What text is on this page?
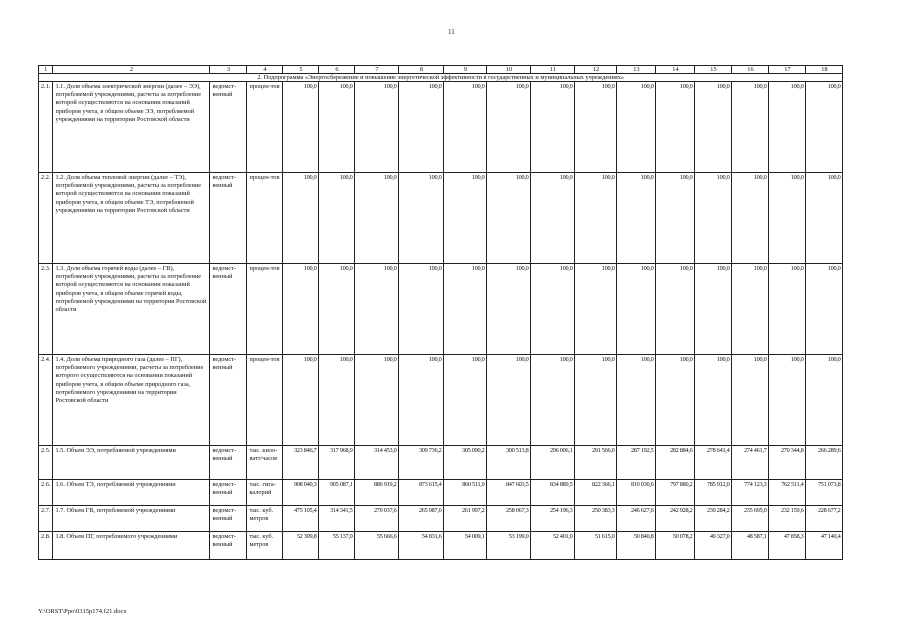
11
1	2	3	4	5	6	7	8	9	10	11	12	13	14	15	16	17	18
2. Подпрограмма «Энергосбережение и повышение энергетической эффективности в государственных и муниципальных учреждениях»																	
2.1.	1.1. Доля объема электрической энергии (далее – ЭЭ), потребляемой учреждениями, расчеты за потребление которой осуществляются на основании показаний приборов учета, в общем объеме ЭЭ, потребляемой учреждениями на территории Ростовской области	ведомст-венный	процен-тов	100,0	100,0	100,0	100,0	100,0	100,0	100,0	100,0	100,0	100,0	100,0	100,0	100,0	100,0
2.2.	1.2. Доля объема тепловой энергии (далее – ТЭ), потребляемой учреждениями, расчеты за потребление которой осуществляются на основании показаний приборов учета, в общем объеме ТЭ, потребляемой учреждениями на территории Ростовской области	ведомст-венный	процен-тов	100,0	100,0	100,0	100,0	100,0	100,0	100,0	100,0	100,0	100,0	100,0	100,0	100,0	100,0
2.3.	1.3. Доля объема горячей воды (далее – ГВ), потребляемой учреждениями, расчеты за потребление которой осуществляются на основании показаний приборов учета, в общем объеме горячей воды, потребляемой учреждениями на территории Ростовской области	ведомст-венный	процен-тов	100,0	100,0	100,0	100,0	100,0	100,0	100,0	100,0	100,0	100,0	100,0	100,0	100,0	100,0
2.4.	1.4. Доля объема природного газа (далее – ПГ), потребляемого учреждениями, расчеты за потребление которого осуществляются на основании показаний приборов учета, в общем объеме природного газа, потребляемого учреждениями на территории Ростовской области	ведомст-венный	процен-тов	100,0	100,0	100,0	100,0	100,0	100,0	100,0	100,0	100,0	100,0	100,0	100,0	100,0	100,0
2.5.	1.5. Объем ЭЭ, потребляемой учреждениями	ведомст-венный	тыс. кило-ватт/часов	323 846,7	317 968,9	314 453,0	309 736,2	305 090,2	300 513,8	296 006,1	291 566,0	287 192,5	282 884,6	278 641,4	274 461,7	270 344,8	266 289,6
2.6.	1.6. Объем ТЭ, потребляемой учреждениями	ведомст-венный	тыс. гига-калорий	908 040,3	905 087,1	886 919,2	873 615,4	860 511,9	847 603,5	834 889,5	822 366,1	810 030,6	797 880,2	785 912,0	774 123,3	762 511,4	751 073,8
2.7.	1.7. Объем ГВ, потребляемой учреждениями	ведомст-венный	тыс. куб. метров	475 105,4	314 341,5	270 037,6	265 987,0	261 997,2	258 067,3	254 196,3	250 383,3	246 627,6	242 928,2	239 284,2	235 695,0	232 159,6	228 677,2
2.8.	1.8. Объем ПГ, потребляемого учреждениями	ведомст-венный	тыс. куб. метров	52 309,8	55 137,0	55 666,6	54 831,6	54 009,1	53 199,0	52 401,0	51 615,0	50 840,8	50 078,2	49 327,0	48 587,1	47 858,3	47 140,4
Y:\ORST\Ppo\0315p174.f21.docx
